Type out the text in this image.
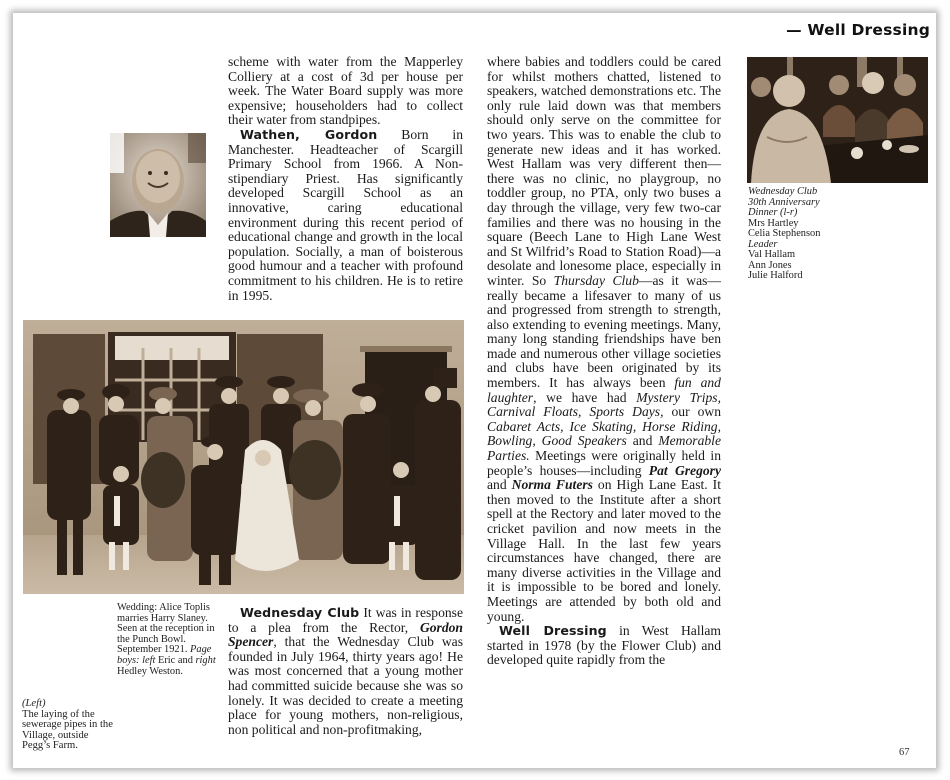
— Well Dressing

scheme with water from the Mapperley Colliery at a cost of 3d per house per week. The Water Board supply was more expensive; householders had to collect their water from standpipes.

Wathen, Gordon Born in Manchester. Headteacher of Scargill Primary School from 1966. A Non-stipendiary Priest. Has significantly developed Scargill School as an innovative, caring educational environment during this recent period of educational change and growth in the local population. Socially, a man of boisterous good humour and a teacher with profound commitment to his children. He is to retire in 1995.

Wedding: Alice Toplis marries Harry Slaney. Seen at the reception in the Punch Bowl. September 1921. Page boys: left Eric and right Hedley Weston.
(Left)
The laying of the sewerage pipes in the Village, outside Pegg’s Farm.

Wednesday Club It was in response to a plea from the Rector, Gordon Spencer, that the Wednesday Club was founded in July 1964, thirty years ago! He was most concerned that a young mother had committed suicide because she was so lonely. It was decided to create a meeting place for young mothers, non-religious, non political and non-profitmaking,

where babies and toddlers could be cared for whilst mothers chatted, listened to speakers, watched demonstrations etc. The only rule laid down was that members should only serve on the committee for two years. This was to enable the club to generate new ideas and it has worked. West Hallam was very different then—there was no clinic, no playgroup, no toddler group, no PTA, only two buses a day through the village, very few two-car families and there was no housing in the square (Beech Lane to High Lane West and St Wilfrid’s Road to Station Road)—a desolate and lonesome place, especially in winter. So Thursday Club—as it was—really became a lifesaver to many of us and progressed from strength to strength, also extending to evening meetings. Many, many long standing friendships have ben made and numerous other village societies and clubs have been originated by its members. It has always been fun and laughter, we have had Mystery Trips, Carnival Floats, Sports Days, our own Cabaret Acts, Ice Skating, Horse Riding, Bowling, Good Speakers and Memorable Parties. Meetings were originally held in people’s houses—including Pat Gregory and Norma Futers on High Lane East. It then moved to the Institute after a short spell at the Rectory and later moved to the cricket pavilion and now meets in the Village Hall. In the last few years circumstances have changed, there are many diverse activities in the Village and it is impossible to be bored and lonely. Meetings are attended by both old and young.

Well Dressing in West Hallam started in 1978 (by the Flower Club) and developed quite rapidly from the

Wednesday Club
30th Anniversary
Dinner (l-r)
Mrs Hartley
Celia Stephenson
Leader
Val Hallam
Ann Jones
Julie Halford
67
